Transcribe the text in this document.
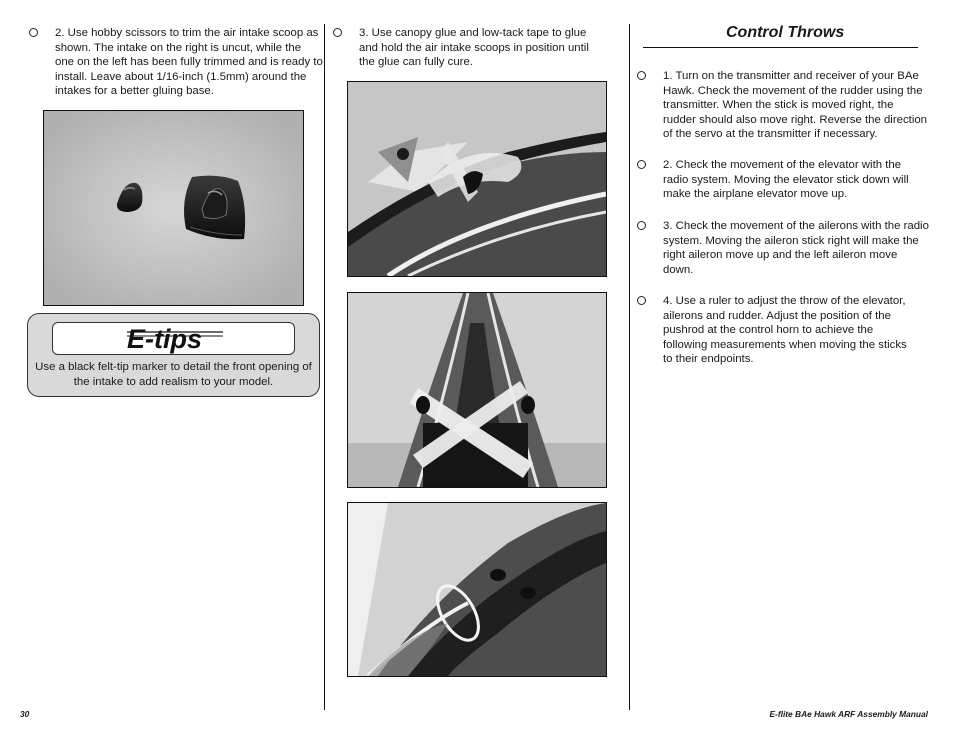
2. Use hobby scissors to trim the air intake scoop as shown. The intake on the right is uncut, while the one on the left has been fully trimmed and is ready to install. Leave about 1/16-inch (1.5mm) around the intakes for a better gluing base.
E-tips
Use a black felt-tip marker to detail the front opening of the intake to add realism to your model.
3. Use canopy glue and low-tack tape to glue and hold the air intake scoops in position until the glue can fully cure.
Control Throws
1. Turn on the transmitter and receiver of your BAe Hawk. Check the movement of the rudder using the transmitter. When the stick is moved right, the rudder should also move right. Reverse the direction of the servo at the transmitter if necessary.
2. Check the movement of the elevator with the radio system. Moving the elevator stick down will make the airplane elevator move up.
3. Check the movement of the ailerons with the radio system. Moving the aileron stick right will make the right aileron move up and the left aileron move down.
4. Use a ruler to adjust the throw of the elevator, ailerons and rudder. Adjust the position of the pushrod at the control horn to achieve the following measurements when moving the sticks to their endpoints.
30	E-flite BAe Hawk ARF Assembly Manual
